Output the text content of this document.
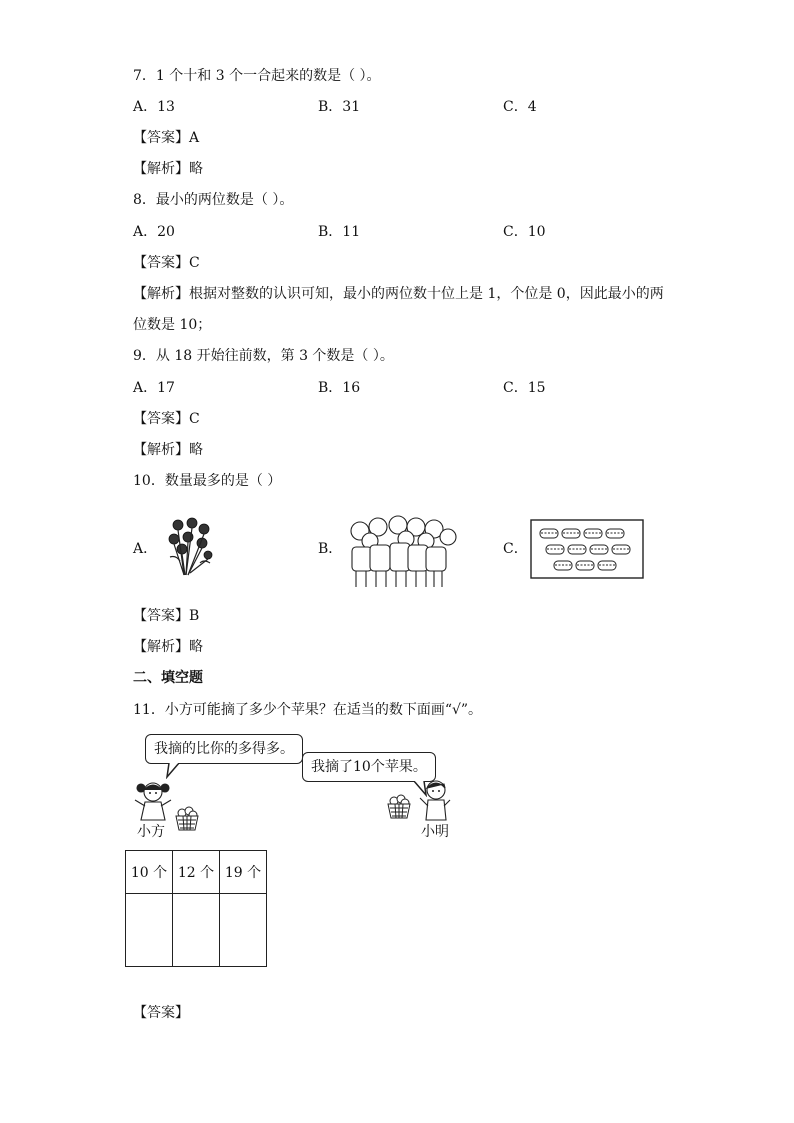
7．1 个十和 3 个一合起来的数是（ ）。
A．13	B．31	C．4
【答案】A
【解析】略
8．最小的两位数是（ ）。
A．20	B．11	C．10
【答案】C
【解析】根据对整数的认识可知，最小的两位数十位上是 1，个位是 0，因此最小的两
位数是 10；
9．从 18 开始往前数，第 3 个数是（ ）。
A．17	B．16	C．15
【答案】C
【解析】略
10．数量最多的是（ ）
A．	B．	C．
【答案】B
【解析】略
二、填空题
11．小方可能摘了多少个苹果？在适当的数下面画“√”。
我摘的比你的多得多。
我摘了10个苹果。
小方	小明
10 个	12 个	19 个

【答案】
